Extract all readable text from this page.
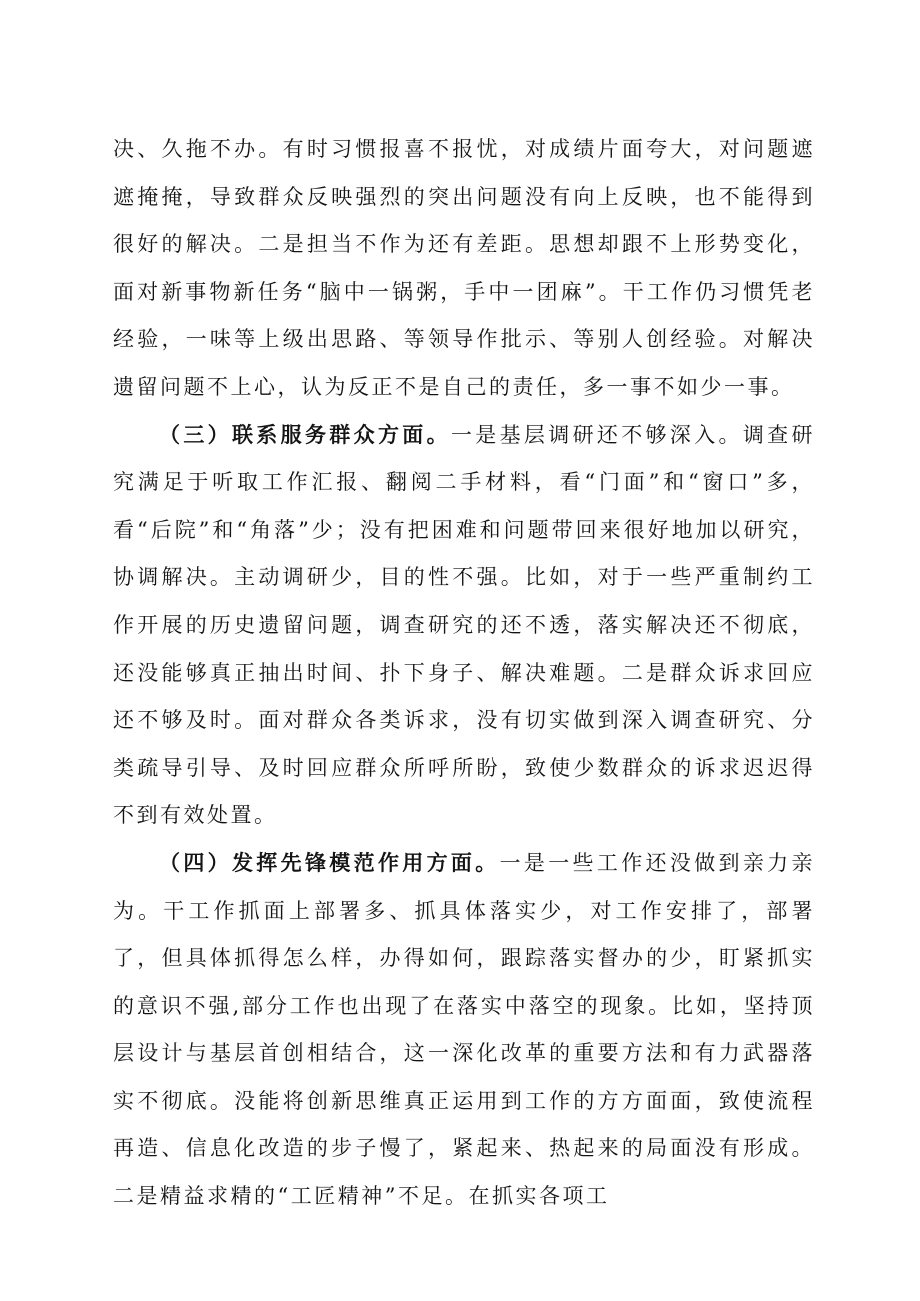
决、久拖不办。有时习惯报喜不报忧，对成绩片面夸大，对问题遮遮掩掩，导致群众反映强烈的突出问题没有向上反映，也不能得到很好的解决。二是担当不作为还有差距。思想却跟不上形势变化，面对新事物新任务“脑中一锅粥，手中一团麻”。干工作仍习惯凭老经验，一味等上级出思路、等领导作批示、等别人创经验。对解决遗留问题不上心，认为反正不是自己的责任，多一事不如少一事。

（三）联系服务群众方面。一是基层调研还不够深入。调查研究满足于听取工作汇报、翻阅二手材料，看“门面”和“窗口”多，看“后院”和“角落”少；没有把困难和问题带回来很好地加以研究，协调解决。主动调研少，目的性不强。比如，对于一些严重制约工作开展的历史遗留问题，调查研究的还不透，落实解决还不彻底，还没能够真正抽出时间、扑下身子、解决难题。二是群众诉求回应还不够及时。面对群众各类诉求，没有切实做到深入调查研究、分类疏导引导、及时回应群众所呼所盼，致使少数群众的诉求迟迟得不到有效处置。

（四）发挥先锋模范作用方面。一是一些工作还没做到亲力亲为。干工作抓面上部署多、抓具体落实少，对工作安排了，部署了，但具体抓得怎么样，办得如何，跟踪落实督办的少，盯紧抓实的意识不强,部分工作也出现了在落实中落空的现象。比如，坚持顶层设计与基层首创相结合，这一深化改革的重要方法和有力武器落实不彻底。没能将创新思维真正运用到工作的方方面面，致使流程再造、信息化改造的步子慢了，紧起来、热起来的局面没有形成。二是精益求精的“工匠精神”不足。在抓实各项工
